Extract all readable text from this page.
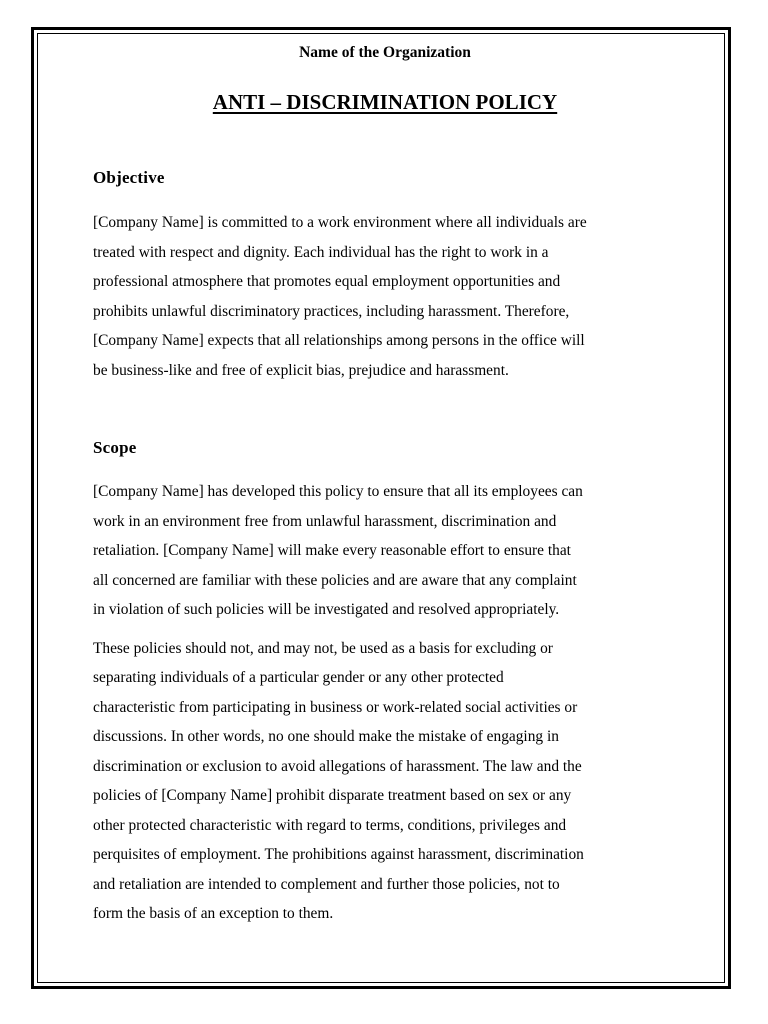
Name of the Organization

ANTI – DISCRIMINATION POLICY
Objective

[Company Name] is committed to a work environment where all individuals are
treated with respect and dignity. Each individual has the right to work in a
professional atmosphere that promotes equal employment opportunities and
prohibits unlawful discriminatory practices, including harassment. Therefore,
[Company Name] expects that all relationships among persons in the office will
be business-like and free of explicit bias, prejudice and harassment.

Scope

[Company Name] has developed this policy to ensure that all its employees can
work in an environment free from unlawful harassment, discrimination and
retaliation. [Company Name] will make every reasonable effort to ensure that
all concerned are familiar with these policies and are aware that any complaint
in violation of such policies will be investigated and resolved appropriately.

These policies should not, and may not, be used as a basis for excluding or
separating individuals of a particular gender or any other protected
characteristic from participating in business or work-related social activities or
discussions. In other words, no one should make the mistake of engaging in
discrimination or exclusion to avoid allegations of harassment. The law and the
policies of [Company Name] prohibit disparate treatment based on sex or any
other protected characteristic with regard to terms, conditions, privileges and
perquisites of employment. The prohibitions against harassment, discrimination
and retaliation are intended to complement and further those policies, not to
form the basis of an exception to them.
